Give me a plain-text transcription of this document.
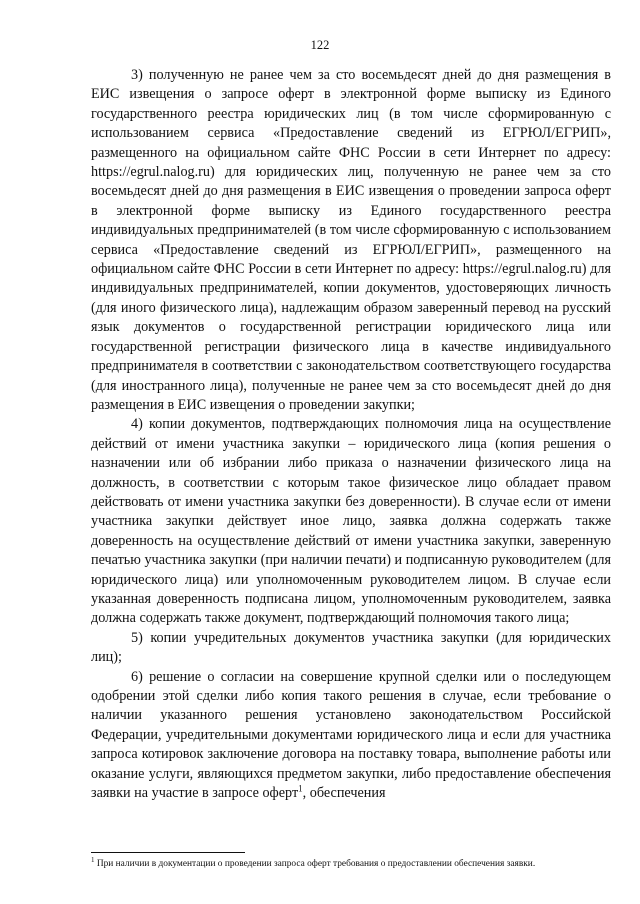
122

3) полученную не ранее чем за сто восемьдесят дней до дня размещения в ЕИС извещения о запросе оферт в электронной форме выписку из Единого государственного реестра юридических лиц (в том числе сформированную с использованием сервиса «Предоставление сведений из ЕГРЮЛ/ЕГРИП», размещенного на официальном сайте ФНС России в сети Интернет по адресу: https://egrul.nalog.ru) для юридических лиц, полученную не ранее чем за сто восемьдесят дней до дня размещения в ЕИС извещения о проведении запроса оферт в электронной форме выписку из Единого государственного реестра индивидуальных предпринимателей (в том числе сформированную с использованием сервиса «Предоставление сведений из ЕГРЮЛ/ЕГРИП», размещенного на официальном сайте ФНС России в сети Интернет по адресу: https://egrul.nalog.ru) для индивидуальных предпринимателей, копии документов, удостоверяющих личность (для иного физического лица), надлежащим образом заверенный перевод на русский язык документов о государственной регистрации юридического лица или государственной регистрации физического лица в качестве индивидуального предпринимателя в соответствии с законодательством соответствующего государства (для иностранного лица), полученные не ранее чем за сто восемьдесят дней до дня размещения в ЕИС извещения о проведении закупки;

4) копии документов, подтверждающих полномочия лица на осуществление действий от имени участника закупки – юридического лица (копия решения о назначении или об избрании либо приказа о назначении физического лица на должность, в соответствии с которым такое физическое лицо обладает правом действовать от имени участника закупки без доверенности). В случае если от имени участника закупки действует иное лицо, заявка должна содержать также доверенность на осуществление действий от имени участника закупки, заверенную печатью участника закупки (при наличии печати) и подписанную руководителем (для юридического лица) или уполномоченным руководителем лицом. В случае если указанная доверенность подписана лицом, уполномоченным руководителем, заявка должна содержать также документ, подтверждающий полномочия такого лица;

5) копии учредительных документов участника закупки (для юридических лиц);

6) решение о согласии на совершение крупной сделки или о последующем одобрении этой сделки либо копия такого решения в случае, если требование о наличии указанного решения установлено законодательством Российской Федерации, учредительными документами юридического лица и если для участника запроса котировок заключение договора на поставку товара, выполнение работы или оказание услуги, являющихся предметом закупки, либо предоставление обеспечения заявки на участие в запросе оферт$^1$, обеспечения

$^1$ При наличии в документации о проведении запроса оферт требования о предоставлении обеспечения заявки.
